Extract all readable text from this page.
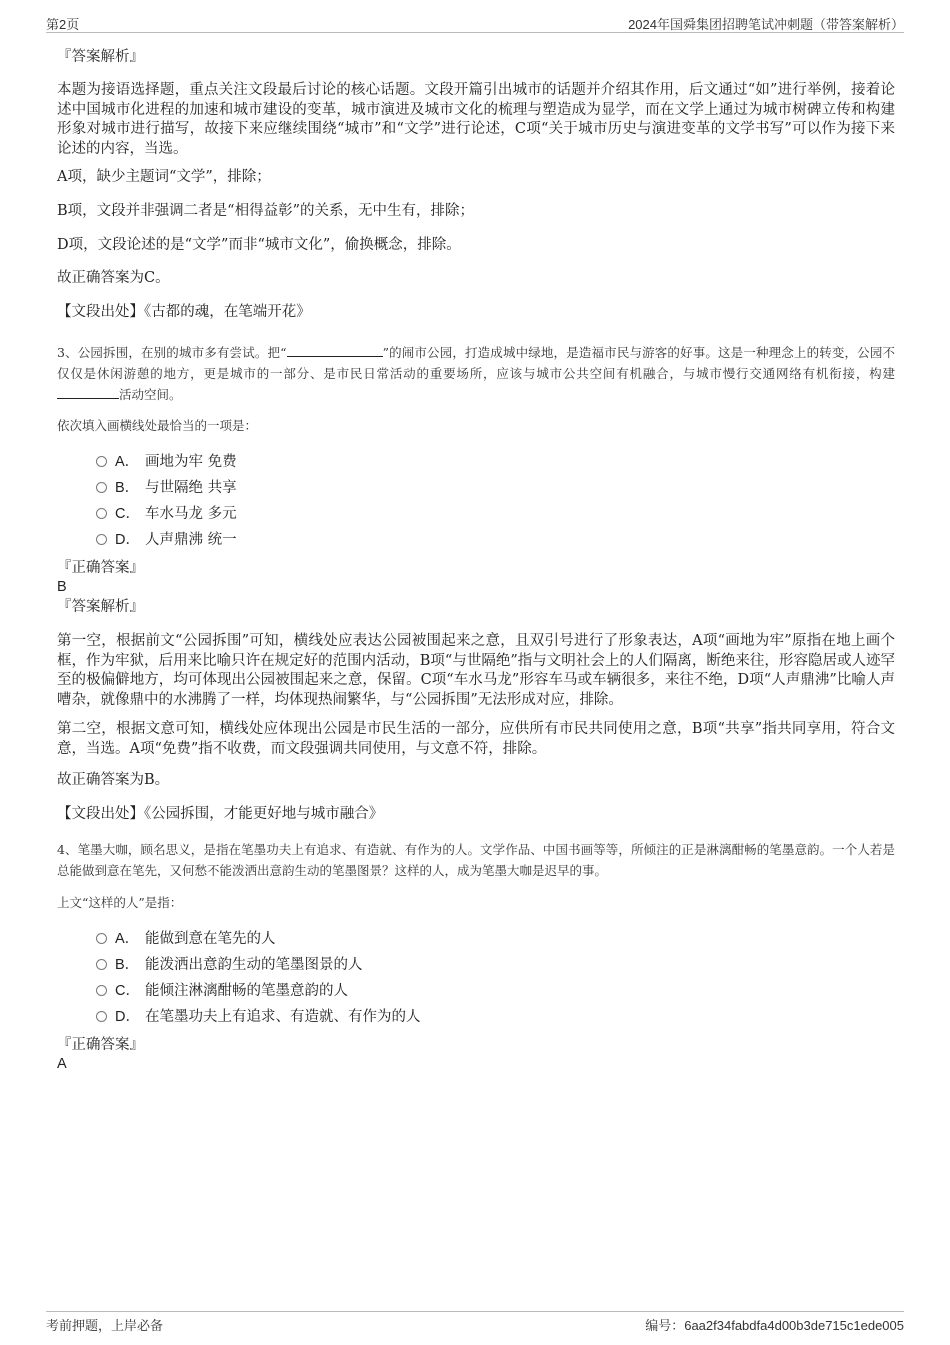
第2页	2024年国舜集团招聘笔试冲刺题（带答案解析）
『答案解析』
本题为接语选择题，重点关注文段最后讨论的核心话题。文段开篇引出城市的话题并介绍其作用，后文通过“如”进行举例，接着论述中国城市化进程的加速和城市建设的变革，城市演进及城市文化的梳理与塑造成为显学，而在文学上通过为城市树碑立传和构建形象对城市进行描写，故接下来应继续围绕“城市”和“文学”进行论述，C项“关于城市历史与演进变革的文学书写”可以作为接下来论述的内容，当选。
A项，缺少主题词“文学”，排除；
B项，文段并非强调二者是“相得益彰”的关系，无中生有，排除；
D项，文段论述的是“文学”而非“城市文化”，偷换概念，排除。
故正确答案为C。
【文段出处】《古都的魂，在笔端开花》
3、公园拆围，在别的城市多有尝试。把“	”的闹市公园，打造成城中绿地，是造福市民与游客的好事。这是一种理念上的转变，公园不仅仅是休闲游憩的地方，更是城市的一部分、是市民日常活动的重要场所，应该与城市公共空间有机融合，与城市慢行交通网络有机衔接，构建活动空间。
依次填入画横线处最恰当的一项是：
A． 画地为牢 免费
B． 与世隔绝 共享
C． 车水马龙 多元
D． 人声鼎沸 统一
『正确答案』
B
『答案解析』
第一空，根据前文“公园拆围”可知，横线处应表达公园被围起来之意，且双引号进行了形象表达，A项“画地为牢”原指在地上画个框，作为牢狱，后用来比喻只许在规定好的范围内活动，B项“与世隔绝”指与文明社会上的人们隔离，断绝来往，形容隐居或人迹罕至的极偏僻地方，均可体现出公园被围起来之意，保留。C项“车水马龙”形容车马或车辆很多，来往不绝，D项“人声鼎沸”比喻人声嘈杂，就像鼎中的水沸腾了一样，均体现热闹繁华，与“公园拆围”无法形成对应，排除。
第二空，根据文意可知，横线处应体现出公园是市民生活的一部分，应供所有市民共同使用之意，B项“共享”指共同享用，符合文意，当选。A项“免费”指不收费，而文段强调共同使用，与文意不符，排除。
故正确答案为B。
【文段出处】《公园拆围，才能更好地与城市融合》
4、笔墨大咖，顾名思义，是指在笔墨功夫上有追求、有造就、有作为的人。文学作品、中国书画等等，所倾注的正是淋漓酣畅的笔墨意韵。一个人若是总能做到意在笔先，又何愁不能泼洒出意韵生动的笔墨图景？这样的人，成为笔墨大咖是迟早的事。
上文“这样的人”是指：
A． 能做到意在笔先的人
B． 能泼洒出意韵生动的笔墨图景的人
C． 能倾注淋漓酣畅的笔墨意韵的人
D． 在笔墨功夫上有追求、有造就、有作为的人
『正确答案』
A
考前押题，上岸必备	编号：6aa2f34fabdfa4d00b3de715c1ede005
